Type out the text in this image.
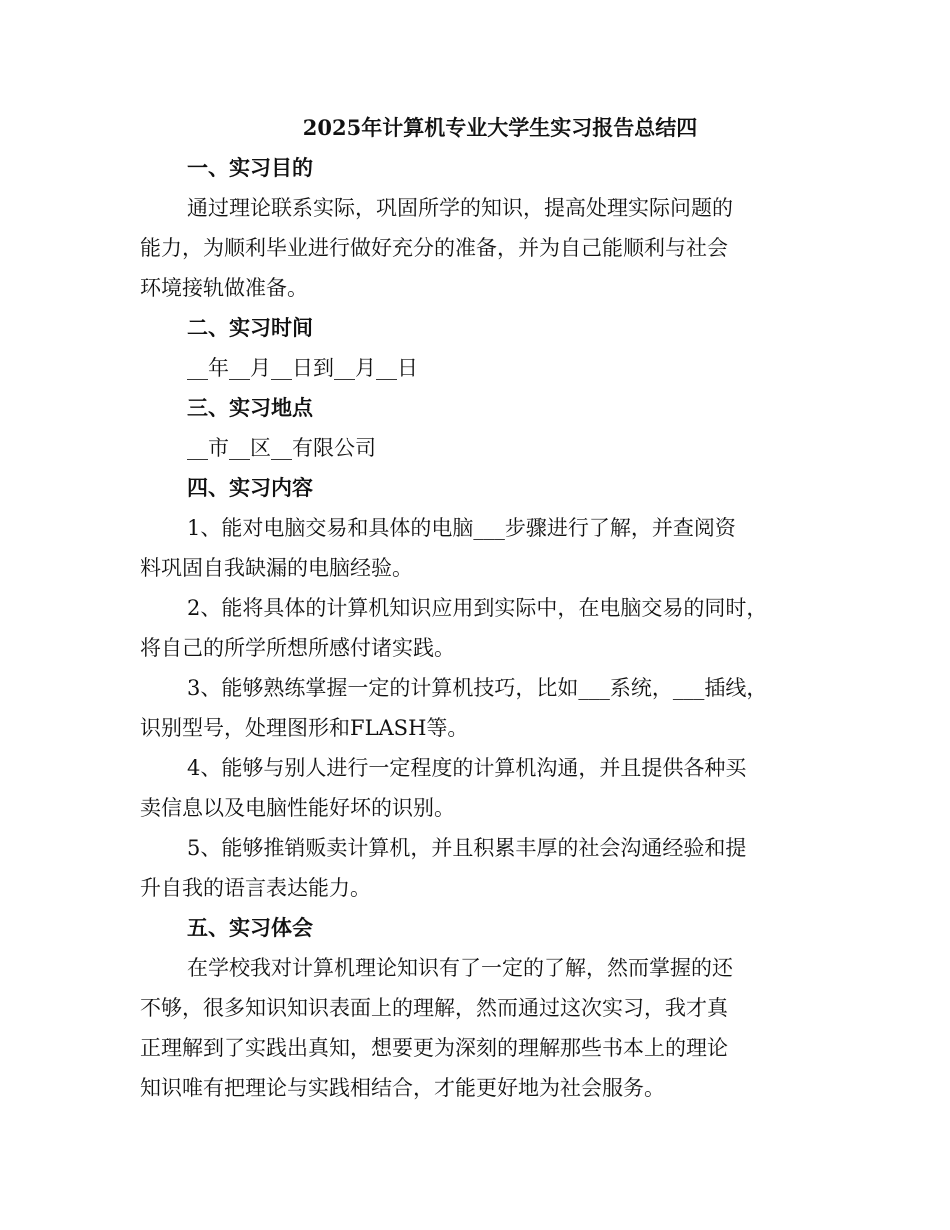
2025年计算机专业大学生实习报告总结四
一、实习目的

通过理论联系实际，巩固所学的知识，提高处理实际问题的
能力，为顺利毕业进行做好充分的准备，并为自己能顺利与社会
环境接轨做准备。

二、实习时间

__年__月__日到__月__日

三、实习地点

__市__区__有限公司

四、实习内容

1、能对电脑交易和具体的电脑___步骤进行了解，并查阅资
料巩固自我缺漏的电脑经验。

2、能将具体的计算机知识应用到实际中，在电脑交易的同时，
将自己的所学所想所感付诸实践。

3、能够熟练掌握一定的计算机技巧，比如___系统，___插线，
识别型号，处理图形和FLASH等。

4、能够与别人进行一定程度的计算机沟通，并且提供各种买
卖信息以及电脑性能好坏的识别。

5、能够推销贩卖计算机，并且积累丰厚的社会沟通经验和提
升自我的语言表达能力。

五、实习体会

在学校我对计算机理论知识有了一定的了解，然而掌握的还
不够，很多知识知识表面上的理解，然而通过这次实习，我才真
正理解到了实践出真知，想要更为深刻的理解那些书本上的理论
知识唯有把理论与实践相结合，才能更好地为社会服务。
